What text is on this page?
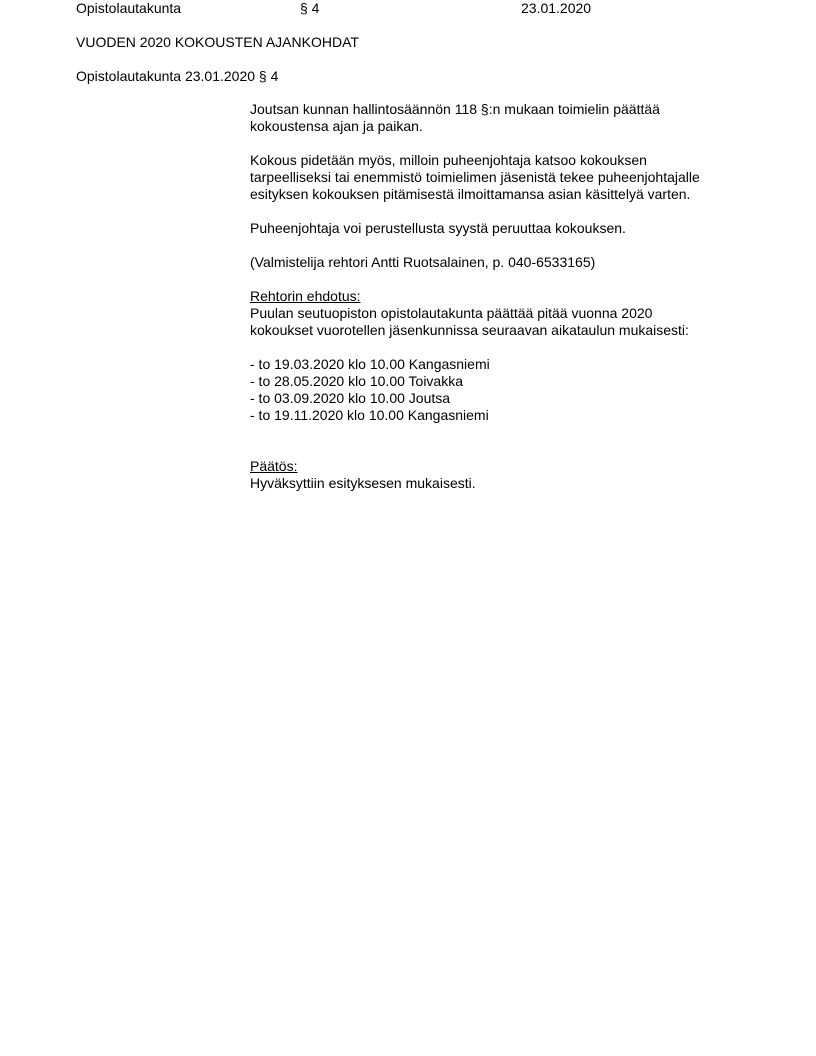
Opistolautakunta	§ 4	23.01.2020
VUODEN 2020 KOKOUSTEN AJANKOHDAT
Opistolautakunta 23.01.2020 § 4
Joutsan kunnan hallintosäännön 118 §:n mukaan toimielin päättää
kokoustensa ajan ja paikan.
Kokous pidetään myös, milloin puheenjohtaja katsoo kokouksen
tarpeelliseksi tai enemmistö toimielimen jäsenistä tekee puheenjohtajalle
esityksen kokouksen pitämisestä ilmoittamansa asian käsittelyä varten.
Puheenjohtaja voi perustellusta syystä peruuttaa kokouksen.
(Valmistelija rehtori Antti Ruotsalainen, p. 040-6533165)
Rehtorin ehdotus:
Puulan seutuopiston opistolautakunta päättää pitää vuonna 2020
kokoukset vuorotellen jäsenkunnissa seuraavan aikataulun mukaisesti:
- to 19.03.2020 klo 10.00 Kangasniemi
- to 28.05.2020 klo 10.00 Toivakka
- to 03.09.2020 klo 10.00 Joutsa
- to 19.11.2020 klo 10.00 Kangasniemi
Päätös:
Hyväksyttiin esityksesen mukaisesti.
